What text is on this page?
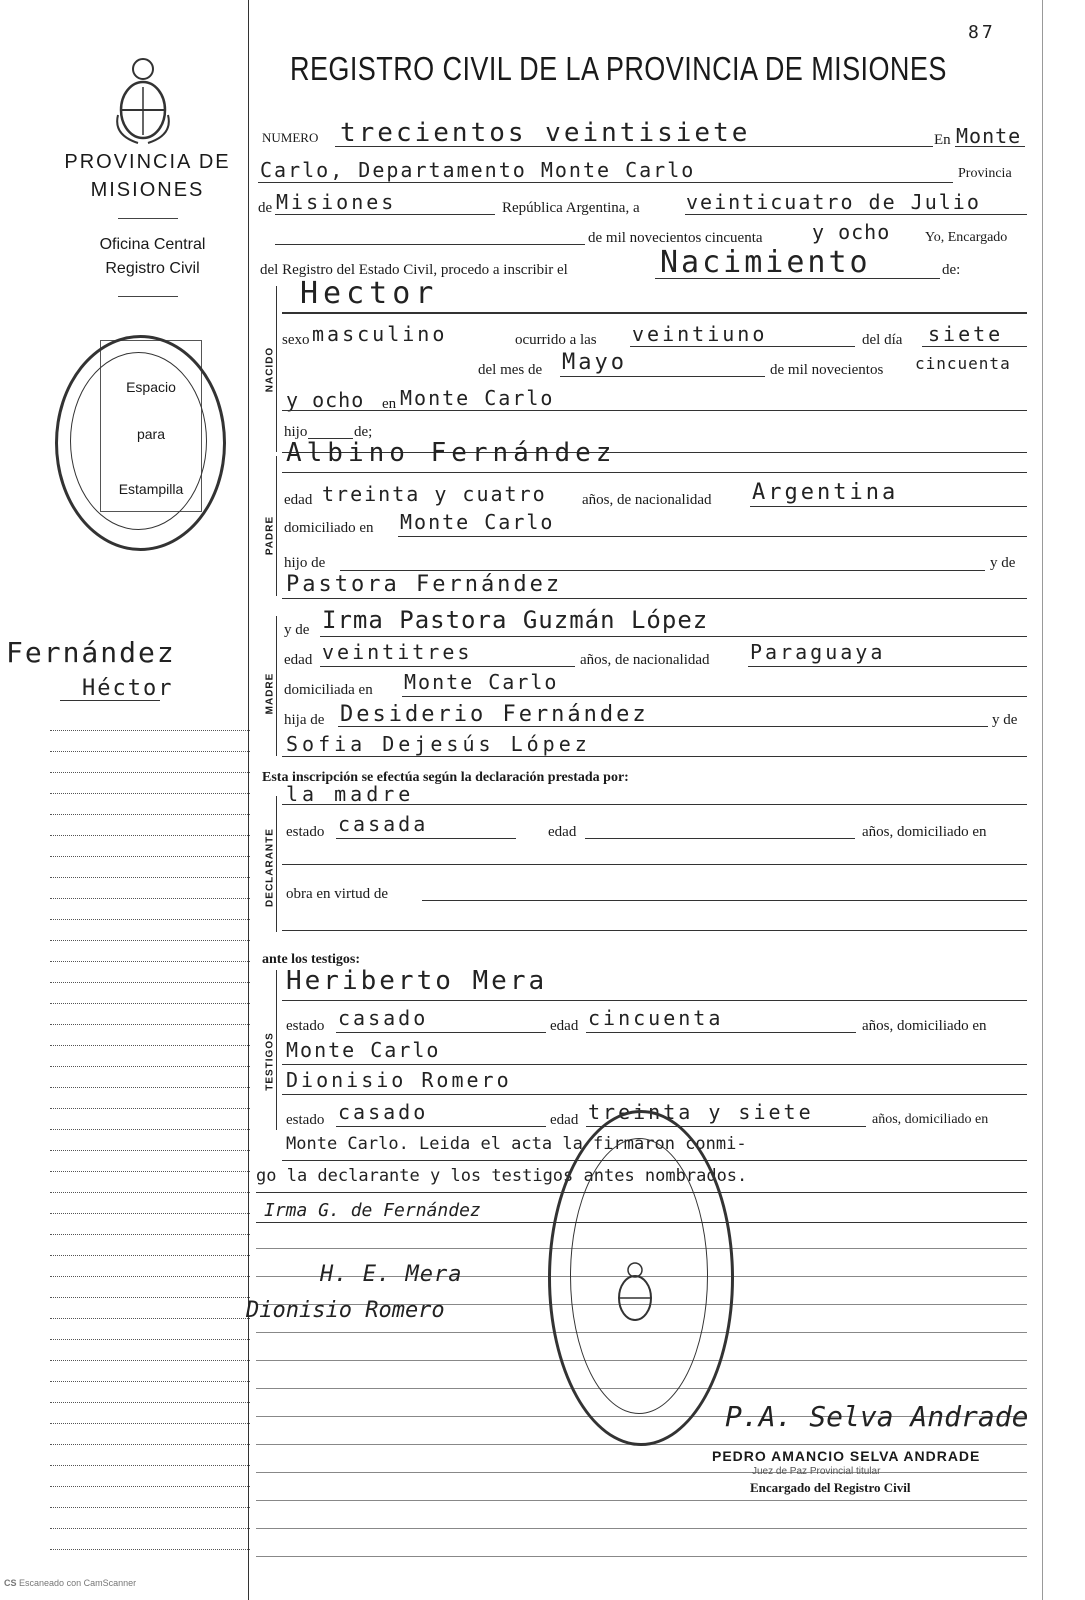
PROVINCIA DE MISIONES
Oficina Central
Registro Civil
Espacio
para
Estampilla
Fernández
Héctor
87
REGISTRO CIVIL DE LA PROVINCIA DE MISIONES
NUMERO trecientos veintisiete	En Monte
Carlo, Departamento Monte Carlo	Provincia
de Misiones	República Argentina, a veinticuatro de Julio
de mil novecientos cincuenta y ocho Yo, Encargado
del Registro del Estado Civil, procedo a inscribir el	Nacimiento	de:
NACIDO
Hector
sexo masculino	ocurrido a las veintiuno	del día siete
del mes de Mayo	de mil novecientos cincuenta
y ocho en Monte Carlo
hijo	de;
PADRE
Albino Fernández
edad treinta y cuatro años, de nacionalidad Argentina
domiciliado en Monte Carlo
hijo de	y de
Pastora Fernández
MADRE
y de Irma Pastora Guzmán López
edad veintitres	años, de nacionalidad Paraguaya
domiciliada en Monte Carlo
hija de Desiderio Fernández	y de
Sofia Dejesús López
Esta inscripción se efectúa según la declaración prestada por:
DECLARANTE
la madre
estado casada	edad	años, domiciliado en
obra en virtud de
ante los testigos:
TESTIGOS
Heriberto Mera
estado casado	edad cincuenta	años, domiciliado en
Monte Carlo
Dionisio Romero
estado casado	edad treinta y siete	años, domiciliado en
Monte Carlo. Leida el acta la firmaron conmi-
go la declarante y los testigos antes nombrados.
Irma G. de Fernández
H. E. Mera
Dionisio Romero
P.A. Selva Andrade
PEDRO AMANCIO SELVA ANDRADE
Juez de Paz Provincial titular
Encargado del Registro Civil
CS Escaneado con CamScanner
